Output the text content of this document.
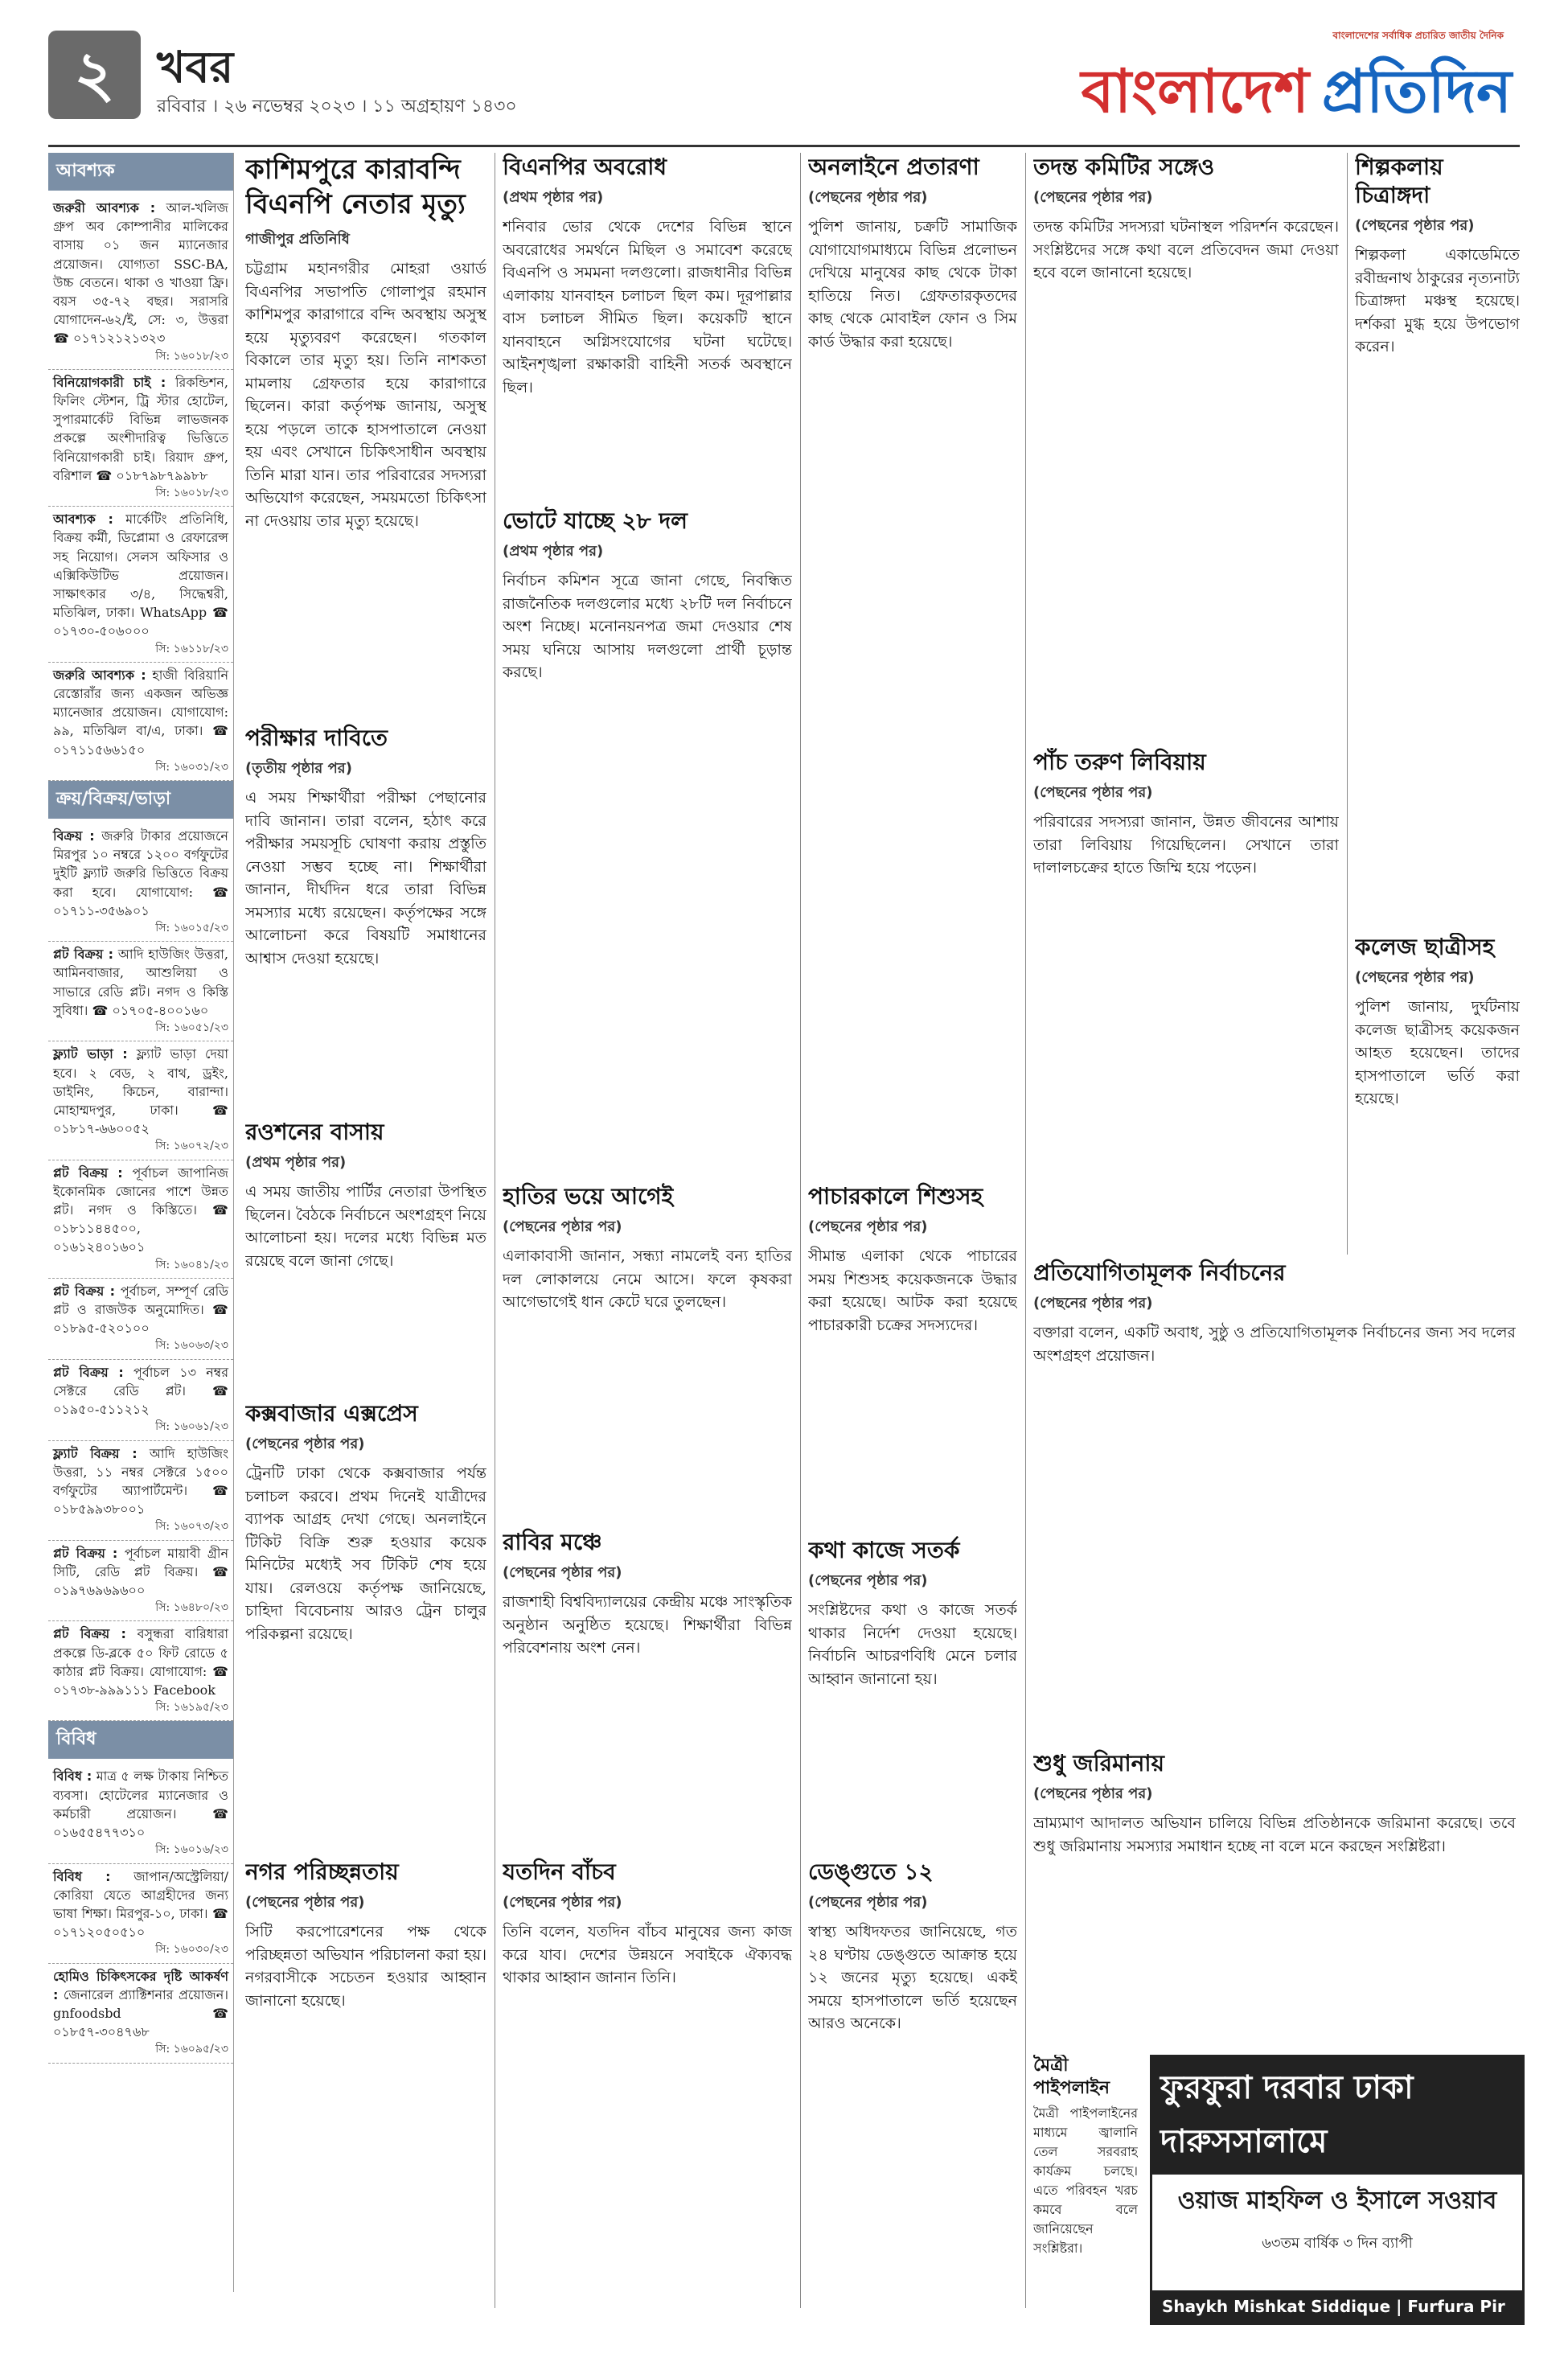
২ খবর
রবিবার । ২৬ নভেম্বর ২০২৩ । ১১ অগ্রহায়ণ ১৪৩০
বাংলাদেশের সর্বাধিক প্রচারিত জাতীয় দৈনিক
বাংলাদেশ প্রতিদিন
আবশ্যক
জরুরী আবশ্যক : আল-খলিজ গ্রুপ অব কোম্পানীর মালিকের বাসায় ০১ জন ম্যানেজার প্রয়োজন। যোগ্যতা SSC-BA, উচ্চ বেতনে। থাকা ও খাওয়া ফ্রি। বয়স ৩৫-৭২ বছর। সরাসরি যোগাদেন-৬২/ই, সে: ৩, উত্তরা ☎ ০১৭১২১২১৩২৩
সি: ১৬০১৮/২৩
বিনিয়োগকারী চাই : রিকন্ডিশন, ফিলিং স্টেশন, ট্রি স্টার হোটেল, সুপারমার্কেট বিভিন্ন লাভজনক প্রকল্পে অংশীদারিত্ব ভিত্তিতে বিনিয়োগকারী চাই। রিয়াদ গ্রুপ, বরিশাল ☎ ০১৮৭৯৮৭৯৯৮৮
সি: ১৬০১৮/২৩
আবশ্যক : মার্কেটিং প্রতিনিধি, বিক্রয় কর্মী, ডিপ্লোমা ও রেফারেন্স সহ নিয়োগ। সেলস অফিসার ও এক্সিকিউটিভ প্রয়োজন। সাক্ষাৎকার ৩/৪, সিদ্ধেশ্বরী, মতিঝিল, ঢাকা। WhatsApp ☎ ০১৭৩০-৫০৬০০০
সি: ১৬১১৮/২৩
জরুরি আবশ্যক : হাজী বিরিয়ানি রেস্তোরাঁর জন্য একজন অভিজ্ঞ ম্যানেজার প্রয়োজন। যোগাযোগ: ৯৯, মতিঝিল বা/এ, ঢাকা। ☎ ০১৭১১৫৬৬১৫০
সি: ১৬০৩১/২৩
ক্রয়/বিক্রয়/ভাড়া
বিক্রয় : জরুরি টাকার প্রয়োজনে মিরপুর ১০ নম্বরে ১২০০ বর্গফুটের দুইটি ফ্ল্যাট জরুরি ভিত্তিতে বিক্রয় করা হবে। যোগাযোগ: ☎ ০১৭১১-৩৫৬৯০১
সি: ১৬০১৫/২৩
প্লট বিক্রয় : আদি হাউজিং উত্তরা, আমিনবাজার, আশুলিয়া ও সাভারে রেডি প্লট। নগদ ও কিস্তি সুবিধা। ☎ ০১৭০৫-৪০০১৬০
সি: ১৬০৫১/২৩
ফ্ল্যাট ভাড়া : ফ্ল্যাট ভাড়া দেয়া হবে। ২ বেড, ২ বাথ, ড্রইং, ডাইনিং, কিচেন, বারান্দা। মোহাম্মদপুর, ঢাকা। ☎ ০১৮১৭-৬৬০০৫২
সি: ১৬০৭২/২৩
প্লট বিক্রয় : পূর্বাচল জাপানিজ ইকোনমিক জোনের পাশে উন্নত প্লট। নগদ ও কিস্তিতে। ☎ ০১৮১১৪৪৫০০, ০১৬১২৪০১৬০১
সি: ১৬০৪১/২৩
প্লট বিক্রয় : পূর্বাচল, সম্পূর্ণ রেডি প্লট ও রাজউক অনুমোদিত। ☎ ০১৮৯৫-৫২০১০০
সি: ১৬০৬৩/২৩
প্লট বিক্রয় : পূর্বাচল ১৩ নম্বর সেক্টরে রেডি প্লট। ☎ ০১৯৫০-৫১১২১২
সি: ১৬০৬১/২৩
ফ্ল্যাট বিক্রয় : আদি হাউজিং উত্তরা, ১১ নম্বর সেক্টরে ১৫০০ বর্গফুটের অ্যাপার্টমেন্ট। ☎ ০১৮৫৯৯৩৮০০১
সি: ১৬০৭৩/২৩
প্লট বিক্রয় : পূর্বাচল মায়াবী গ্রীন সিটি, রেডি প্লট বিক্রয়। ☎ ০১৯৭৬৯৬৯৬০০
সি: ১৬৪৮০/২৩
প্লট বিক্রয় : বসুন্ধরা বারিধারা প্রকল্পে ডি-ব্লকে ৫০ ফিট রোডে ৫ কাঠার প্লট বিক্রয়। যোগাযোগ: ☎ ০১৭৩৮-৯৯৯১১১ Facebook
সি: ১৬১৯৫/২৩
বিবিধ
বিবিধ : মাত্র ৫ লক্ষ টাকায় নিশ্চিত ব্যবসা। হোটেলের ম্যানেজার ও কর্মচারী প্রয়োজন। ☎ ০১৬৫৫৪৭৭৩১০
সি: ১৬০১৬/২৩
বিবিধ : জাপান/অস্ট্রেলিয়া/কোরিয়া যেতে আগ্রহীদের জন্য ভাষা শিক্ষা। মিরপুর-১০, ঢাকা। ☎ ০১৭১২০৫০৫১০
সি: ১৬০৩০/২৩
হোমিও চিকিৎসকের দৃষ্টি আকর্ষণ : জেনারেল প্র্যাক্টিশনার প্রয়োজন। gnfoodsbd ☎ ০১৮৫৭-৩০৪৭৬৮
সি: ১৬০৯৫/২৩
কাশিমপুরে কারাবন্দি বিএনপি নেতার মৃত্যু
গাজীপুর প্রতিনিধি

চট্টগ্রাম মহানগরীর মোহরা ওয়ার্ড বিএনপির সভাপতি গোলাপুর রহমান কাশিমপুর কারাগারে বন্দি অবস্থায় অসুস্থ হয়ে মৃত্যুবরণ করেছেন। গতকাল বিকালে তার মৃত্যু হয়। তিনি নাশকতা মামলায় গ্রেফতার হয়ে কারাগারে ছিলেন। কারা কর্তৃপক্ষ জানায়, অসুস্থ হয়ে পড়লে তাকে হাসপাতালে নেওয়া হয় এবং সেখানে চিকিৎসাধীন অবস্থায় তিনি মারা যান। তার পরিবারের সদস্যরা অভিযোগ করেছেন, সময়মতো চিকিৎসা না দেওয়ায় তার মৃত্যু হয়েছে।

পরীক্ষার দাবিতে
(তৃতীয় পৃষ্ঠার পর)

এ সময় শিক্ষার্থীরা পরীক্ষা পেছানোর দাবি জানান। তারা বলেন, হঠাৎ করে পরীক্ষার সময়সূচি ঘোষণা করায় প্রস্তুতি নেওয়া সম্ভব হচ্ছে না। শিক্ষার্থীরা জানান, দীর্ঘদিন ধরে তারা বিভিন্ন সমস্যার মধ্যে রয়েছেন। কর্তৃপক্ষের সঙ্গে আলোচনা করে বিষয়টি সমাধানের আশ্বাস দেওয়া হয়েছে।

রওশনের বাসায়
(প্রথম পৃষ্ঠার পর)

এ সময় জাতীয় পার্টির নেতারা উপস্থিত ছিলেন। বৈঠকে নির্বাচনে অংশগ্রহণ নিয়ে আলোচনা হয়। দলের মধ্যে বিভিন্ন মত রয়েছে বলে জানা গেছে।

কক্সবাজার এক্সপ্রেস
(পেছনের পৃষ্ঠার পর)

ট্রেনটি ঢাকা থেকে কক্সবাজার পর্যন্ত চলাচল করবে। প্রথম দিনেই যাত্রীদের ব্যাপক আগ্রহ দেখা গেছে। অনলাইনে টিকিট বিক্রি শুরু হওয়ার কয়েক মিনিটের মধ্যেই সব টিকিট শেষ হয়ে যায়। রেলওয়ে কর্তৃপক্ষ জানিয়েছে, চাহিদা বিবেচনায় আরও ট্রেন চালুর পরিকল্পনা রয়েছে।

নগর পরিচ্ছন্নতায়
(পেছনের পৃষ্ঠার পর)

সিটি করপোরেশনের পক্ষ থেকে পরিচ্ছন্নতা অভিযান পরিচালনা করা হয়। নগরবাসীকে সচেতন হওয়ার আহ্বান জানানো হয়েছে।

বিএনপির অবরোধ
(প্রথম পৃষ্ঠার পর)

শনিবার ভোর থেকে দেশের বিভিন্ন স্থানে অবরোধের সমর্থনে মিছিল ও সমাবেশ করেছে বিএনপি ও সমমনা দলগুলো। রাজধানীর বিভিন্ন এলাকায় যানবাহন চলাচল ছিল কম। দূরপাল্লার বাস চলাচল সীমিত ছিল। কয়েকটি স্থানে যানবাহনে অগ্নিসংযোগের ঘটনা ঘটেছে। আইনশৃঙ্খলা রক্ষাকারী বাহিনী সতর্ক অবস্থানে ছিল।

ভোটে যাচ্ছে ২৮ দল
(প্রথম পৃষ্ঠার পর)

নির্বাচন কমিশন সূত্রে জানা গেছে, নিবন্ধিত রাজনৈতিক দলগুলোর মধ্যে ২৮টি দল নির্বাচনে অংশ নিচ্ছে। মনোনয়নপত্র জমা দেওয়ার শেষ সময় ঘনিয়ে আসায় দলগুলো প্রার্থী চূড়ান্ত করছে।

হাতির ভয়ে আগেই
(পেছনের পৃষ্ঠার পর)

এলাকাবাসী জানান, সন্ধ্যা নামলেই বন্য হাতির দল লোকালয়ে নেমে আসে। ফলে কৃষকরা আগেভাগেই ধান কেটে ঘরে তুলছেন।

রাবির মঞ্চে
(পেছনের পৃষ্ঠার পর)

রাজশাহী বিশ্ববিদ্যালয়ের কেন্দ্রীয় মঞ্চে সাংস্কৃতিক অনুষ্ঠান অনুষ্ঠিত হয়েছে। শিক্ষার্থীরা বিভিন্ন পরিবেশনায় অংশ নেন।

যতদিন বাঁচব
(পেছনের পৃষ্ঠার পর)

তিনি বলেন, যতদিন বাঁচব মানুষের জন্য কাজ করে যাব। দেশের উন্নয়নে সবাইকে ঐক্যবদ্ধ থাকার আহ্বান জানান তিনি।

অনলাইনে প্রতারণা
(পেছনের পৃষ্ঠার পর)

পুলিশ জানায়, চক্রটি সামাজিক যোগাযোগমাধ্যমে বিভিন্ন প্রলোভন দেখিয়ে মানুষের কাছ থেকে টাকা হাতিয়ে নিত। গ্রেফতারকৃতদের কাছ থেকে মোবাইল ফোন ও সিম কার্ড উদ্ধার করা হয়েছে।

পাচারকালে শিশুসহ
(পেছনের পৃষ্ঠার পর)

সীমান্ত এলাকা থেকে পাচারের সময় শিশুসহ কয়েকজনকে উদ্ধার করা হয়েছে। আটক করা হয়েছে পাচারকারী চক্রের সদস্যদের।

কথা কাজে সতর্ক
(পেছনের পৃষ্ঠার পর)

সংশ্লিষ্টদের কথা ও কাজে সতর্ক থাকার নির্দেশ দেওয়া হয়েছে। নির্বাচনি আচরণবিধি মেনে চলার আহ্বান জানানো হয়।

ডেঙ্গুতে ১২
(পেছনের পৃষ্ঠার পর)

স্বাস্থ্য অধিদফতর জানিয়েছে, গত ২৪ ঘণ্টায় ডেঙ্গুতে আক্রান্ত হয়ে ১২ জনের মৃত্যু হয়েছে। একই সময়ে হাসপাতালে ভর্তি হয়েছেন আরও অনেকে।

তদন্ত কমিটির সঙ্গেও
(পেছনের পৃষ্ঠার পর)

তদন্ত কমিটির সদস্যরা ঘটনাস্থল পরিদর্শন করেছেন। সংশ্লিষ্টদের সঙ্গে কথা বলে প্রতিবেদন জমা দেওয়া হবে বলে জানানো হয়েছে।

পাঁচ তরুণ লিবিয়ায়
(পেছনের পৃষ্ঠার পর)

পরিবারের সদস্যরা জানান, উন্নত জীবনের আশায় তারা লিবিয়ায় গিয়েছিলেন। সেখানে তারা দালালচক্রের হাতে জিম্মি হয়ে পড়েন।

প্রতিযোগিতামূলক নির্বাচনের
(পেছনের পৃষ্ঠার পর)

বক্তারা বলেন, একটি অবাধ, সুষ্ঠু ও প্রতিযোগিতামূলক নির্বাচনের জন্য সব দলের অংশগ্রহণ প্রয়োজন।

শুধু জরিমানায়
(পেছনের পৃষ্ঠার পর)

ভ্রাম্যমাণ আদালত অভিযান চালিয়ে বিভিন্ন প্রতিষ্ঠানকে জরিমানা করেছে। তবে শুধু জরিমানায় সমস্যার সমাধান হচ্ছে না বলে মনে করছেন সংশ্লিষ্টরা।

শিল্পকলায় চিত্রাঙ্গদা
(পেছনের পৃষ্ঠার পর)

শিল্পকলা একাডেমিতে রবীন্দ্রনাথ ঠাকুরের নৃত্যনাট্য চিত্রাঙ্গদা মঞ্চস্থ হয়েছে। দর্শকরা মুগ্ধ হয়ে উপভোগ করেন।

কলেজ ছাত্রীসহ
(পেছনের পৃষ্ঠার পর)

পুলিশ জানায়, দুর্ঘটনায় কলেজ ছাত্রীসহ কয়েকজন আহত হয়েছেন। তাদের হাসপাতালে ভর্তি করা হয়েছে।

মৈত্রী পাইপলাইন

মৈত্রী পাইপলাইনের মাধ্যমে জ্বালানি তেল সরবরাহ কার্যক্রম চলছে। এতে পরিবহন খরচ কমবে বলে জানিয়েছেন সংশ্লিষ্টরা।

ফুরফুরা দরবার ঢাকা দারুসসালামে
ওয়াজ মাহফিল ও ইসালে সওয়াব
৬৩তম বার্ষিক ৩ দিন ব্যাপী
Shaykh Mishkat Siddique | Furfura Pir
